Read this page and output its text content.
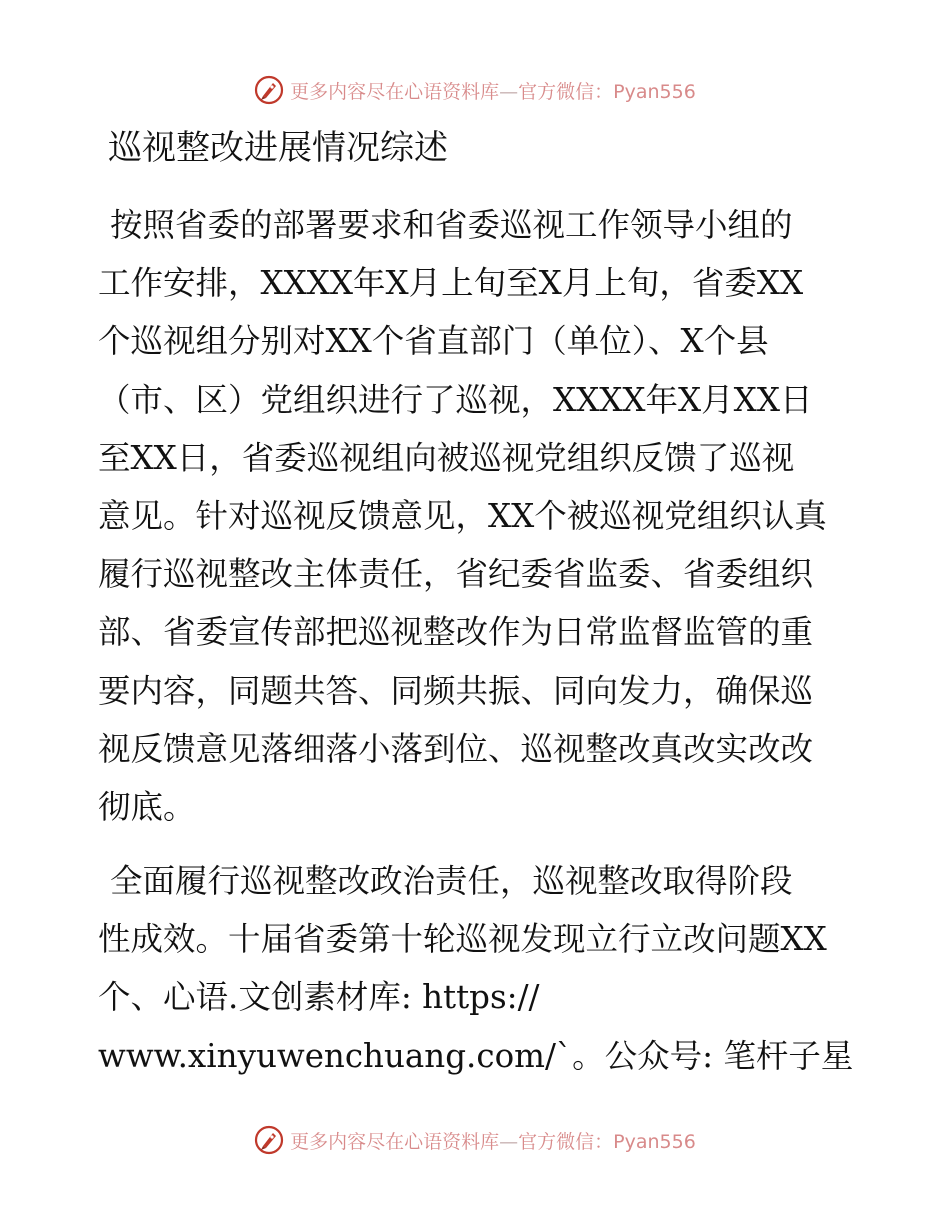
更多内容尽在心语资料库—官方微信：Pyan556
巡视整改进展情况综述
按照省委的部署要求和省委巡视工作领导小组的
工作安排，XXXX年X月上旬至X月上旬，省委XX
个巡视组分别对XX个省直部门（单位）、X个县
（市、区）党组织进行了巡视，XXXX年X月XX日
至XX日，省委巡视组向被巡视党组织反馈了巡视
意见。针对巡视反馈意见，XX个被巡视党组织认真
履行巡视整改主体责任，省纪委省监委、省委组织
部、省委宣传部把巡视整改作为日常监督监管的重
要内容，同题共答、同频共振、同向发力，确保巡
视反馈意见落细落小落到位、巡视整改真改实改改
彻底。
全面履行巡视整改政治责任，巡视整改取得阶段
性成效。十届省委第十轮巡视发现立行立改问题XX
个、心语.文创素材库: https://
www.xinyuwenchuang.com/`。公众号: 笔杆子星
更多内容尽在心语资料库—官方微信：Pyan556
